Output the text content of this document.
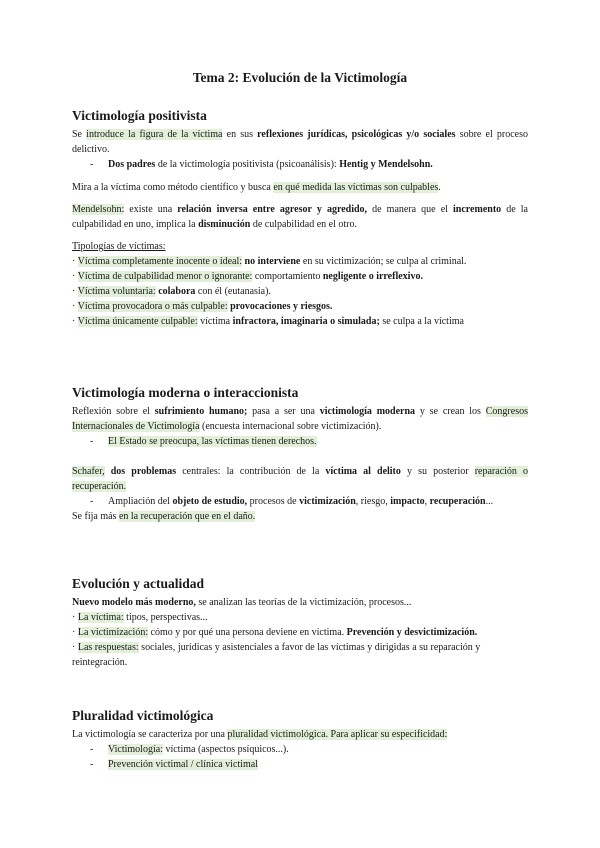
Tema 2: Evolución de la Victimología
Victimología positivista

Se introduce la figura de la víctima en sus reflexiones jurídicas, psicológicas y/o sociales sobre el proceso delictivo.

- Dos padres de la victimología positivista (psicoanálisis): Hentig y Mendelsohn.

Mira a la víctima como método científico y busca en qué medida las víctimas son culpables.

Mendelsohn: existe una relación inversa entre agresor y agredido, de manera que el incremento de la culpabilidad en uno, implica la disminución de culpabilidad en el otro.

Tipologías de víctimas:

· Víctima completamente inocente o ideal: no interviene en su victimización; se culpa al criminal.

· Víctima de culpabilidad menor o ignorante: comportamiento negligente o irreflexivo.

· Víctima voluntaria: colabora con él (eutanasia).

· Víctima provocadora o más culpable: provocaciones y riesgos.

· Víctima únicamente culpable: víctima infractora, imaginaria o simulada; se culpa a la víctima

Victimología moderna o interaccionista

Reflexión sobre el sufrimiento humano; pasa a ser una victimología moderna y se crean los Congresos Internacionales de Victimología (encuesta internacional sobre victimización).

- El Estado se preocupa, las víctimas tienen derechos.

Schafer, dos problemas centrales: la contribución de la víctima al delito y su posterior reparación o recuperación.

- Ampliación del objeto de estudio, procesos de victimización, riesgo, impacto, recuperación...

Se fija más en la recuperación que en el daño.

Evolución y actualidad

Nuevo modelo más moderno, se analizan las teorías de la victimización, procesos...

· La víctima: tipos, perspectivas...

· La victimización: cómo y por qué una persona deviene en víctima. Prevención y desvictimización.

· Las respuestas: sociales, jurídicas y asistenciales a favor de las víctimas y dirigidas a su reparación y reintegración.

Pluralidad victimológica

La victimología se caracteriza por una pluralidad victimológica. Para aplicar su especificidad:

- Victimología: víctima (aspectos psíquicos...).

- Prevención victimal / clínica victimal
